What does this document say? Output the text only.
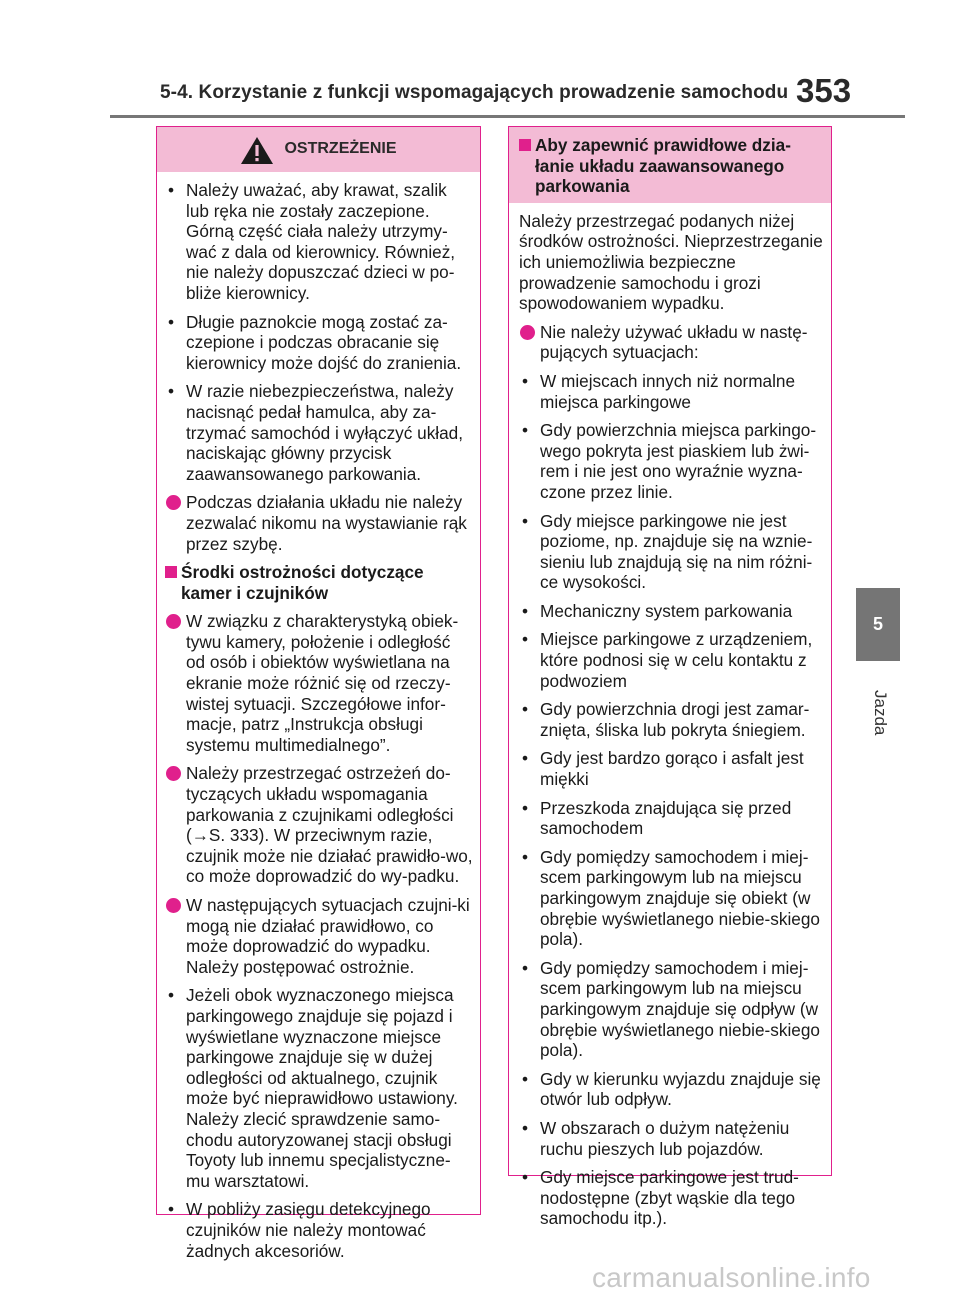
5-4. Korzystanie z funkcji wspomagających prowadzenie samochodu 353
5
Jazda
OSTRZEŻENIE
• Należy uważać, aby krawat, szalik lub ręka nie zostały zaczepione. Górną część ciała należy utrzymy-wać z dala od kierownicy. Również, nie należy dopuszczać dzieci w po-bliże kierownicy.
• Długie paznokcie mogą zostać za-czepione i podczas obracanie się kierownicy może dojść do zranienia.
• W razie niebezpieczeństwa, należy nacisnąć pedał hamulca, aby za-trzymać samochód i wyłączyć układ, naciskając główny przycisk zaawansowanego parkowania.
Podczas działania układu nie należy zezwalać nikomu na wystawianie rąk przez szybę.
Środki ostrożności dotyczące kamer i czujników
W związku z charakterystyką obiek-tywu kamery, położenie i odległość od osób i obiektów wyświetlana na ekranie może różnić się od rzeczy-wistej sytuacji. Szczegółowe infor-macje, patrz „Instrukcja obsługi systemu multimedialnego”.
Należy przestrzegać ostrzeżeń do-tyczących układu wspomagania parkowania z czujnikami odległości (→S. 333). W przeciwnym razie, czujnik może nie działać prawidło-wo, co może doprowadzić do wy-padku.
W następujących sytuacjach czujni-ki mogą nie działać prawidłowo, co może doprowadzić do wypadku. Należy postępować ostrożnie.
• Jeżeli obok wyznaczonego miejsca parkingowego znajduje się pojazd i wyświetlane wyznaczone miejsce parkingowe znajduje się w dużej odległości od aktualnego, czujnik może być nieprawidłowo ustawiony. Należy zlecić sprawdzenie samo-chodu autoryzowanej stacji obsługi Toyoty lub innemu specjalistyczne-mu warsztatowi.
• W pobliży zasięgu detekcyjnego czujników nie należy montować żadnych akcesoriów.
Aby zapewnić prawidłowe dzia-łanie układu zaawansowanego parkowania
Należy przestrzegać podanych niżej środków ostrożności. Nieprzestrzeganie ich uniemożliwia bezpieczne prowadzenie samochodu i grozi spowodowaniem wypadku.
Nie należy używać układu w nastę-pujących sytuacjach:
• W miejscach innych niż normalne miejsca parkingowe
• Gdy powierzchnia miejsca parkingo-wego pokryta jest piaskiem lub żwi-rem i nie jest ono wyraźnie wyzna-czone przez linie.
• Gdy miejsce parkingowe nie jest poziome, np. znajduje się na wznie-sieniu lub znajdują się na nim różni-ce wysokości.
• Mechaniczny system parkowania
• Miejsce parkingowe z urządzeniem, które podnosi się w celu kontaktu z podwoziem
• Gdy powierzchnia drogi jest zamar-znięta, śliska lub pokryta śniegiem.
• Gdy jest bardzo gorąco i asfalt jest miękki
• Przeszkoda znajdująca się przed samochodem
• Gdy pomiędzy samochodem i miej-scem parkingowym lub na miejscu parkingowym znajduje się obiekt (w obrębie wyświetlanego niebie-skiego pola).
• Gdy pomiędzy samochodem i miej-scem parkingowym lub na miejscu parkingowym znajduje się odpływ (w obrębie wyświetlanego niebie-skiego pola).
• Gdy w kierunku wyjazdu znajduje się otwór lub odpływ.
• W obszarach o dużym natężeniu ruchu pieszych lub pojazdów.
• Gdy miejsce parkingowe jest trud-nodostępne (zbyt wąskie dla tego samochodu itp.).
carmanualsonline.info
